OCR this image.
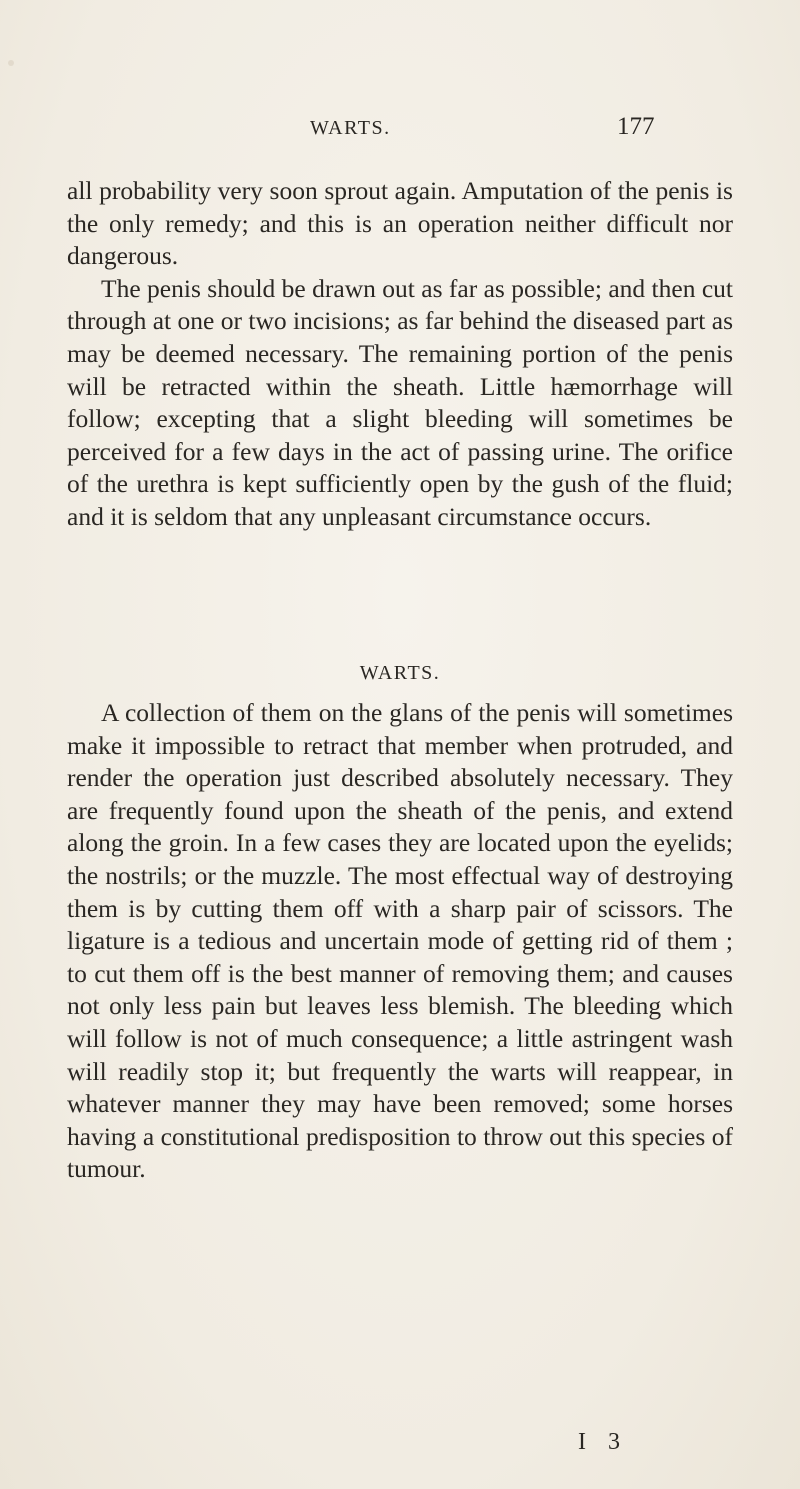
WARTS.	177

all probability very soon sprout again. Amputation of the penis is the only remedy; and this is an operation neither difficult nor dangerous.

The penis should be drawn out as far as possible; and then cut through at one or two incisions; as far behind the diseased part as may be deemed necessary. The remaining portion of the penis will be retracted within the sheath. Little hæmorrhage will follow; excepting that a slight bleeding will sometimes be perceived for a few days in the act of passing urine. The orifice of the urethra is kept sufficiently open by the gush of the fluid; and it is seldom that any unpleasant circumstance occurs.

WARTS.

A collection of them on the glans of the penis will sometimes make it impossible to retract that member when protruded, and render the operation just described absolutely necessary. They are frequently found upon the sheath of the penis, and extend along the groin. In a few cases they are located upon the eyelids; the nostrils; or the muzzle. The most effectual way of destroying them is by cutting them off with a sharp pair of scissors. The ligature is a tedious and uncertain mode of getting rid of them ; to cut them off is the best manner of removing them; and causes not only less pain but leaves less blemish. The bleeding which will follow is not of much consequence; a little astringent wash will readily stop it; but frequently the warts will reappear, in whatever manner they may have been removed; some horses having a constitutional predisposition to throw out this species of tumour.

I 3
